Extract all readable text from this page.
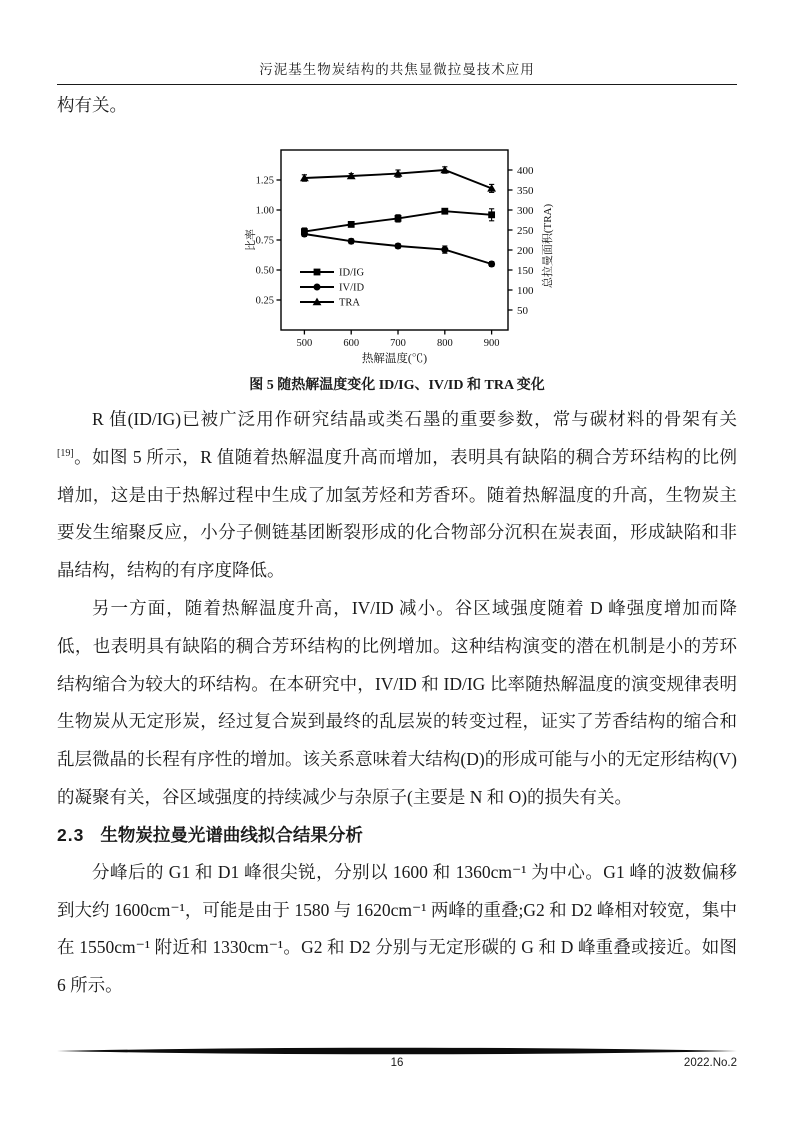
污泥基生物炭结构的共焦显微拉曼技术应用
构有关。
0.25
0.50
0.75
1.00
1.25
50
100
150
200
250
300
350
400
500	600	700	800	900
热解温度(℃)
比率	总拉曼面积(TRA)
ID/IG
IV/ID
TRA
图 5 随热解温度变化 ID/IG、IV/ID 和 TRA 变化

R 值(ID/IG)已被广泛用作研究结晶或类石墨的重要参数，常与碳材料的骨架有关[19]。如图 5 所示，R 值随着热解温度升高而增加，表明具有缺陷的稠合芳环结构的比例增加，这是由于热解过程中生成了加氢芳烃和芳香环。随着热解温度的升高，生物炭主要发生缩聚反应，小分子侧链基团断裂形成的化合物部分沉积在炭表面，形成缺陷和非晶结构，结构的有序度降低。

另一方面，随着热解温度升高，IV/ID 减小。谷区域强度随着 D 峰强度增加而降低，也表明具有缺陷的稠合芳环结构的比例增加。这种结构演变的潜在机制是小的芳环结构缩合为较大的环结构。在本研究中，IV/ID 和 ID/IG 比率随热解温度的演变规律表明生物炭从无定形炭，经过复合炭到最终的乱层炭的转变过程，证实了芳香结构的缩合和乱层微晶的长程有序性的增加。该关系意味着大结构(D)的形成可能与小的无定形结构(V)的凝聚有关，谷区域强度的持续减少与杂原子(主要是 N 和 O)的损失有关。

2.3 生物炭拉曼光谱曲线拟合结果分析

分峰后的 G1 和 D1 峰很尖锐，分别以 1600 和 1360cm⁻¹ 为中心。G1 峰的波数偏移到大约 1600cm⁻¹，可能是由于 1580 与 1620cm⁻¹ 两峰的重叠;G2 和 D2 峰相对较宽，集中在 1550cm⁻¹ 附近和 1330cm⁻¹。G2 和 D2 分别与无定形碳的 G 和 D 峰重叠或接近。如图 6 所示。

16	2022.No.2
